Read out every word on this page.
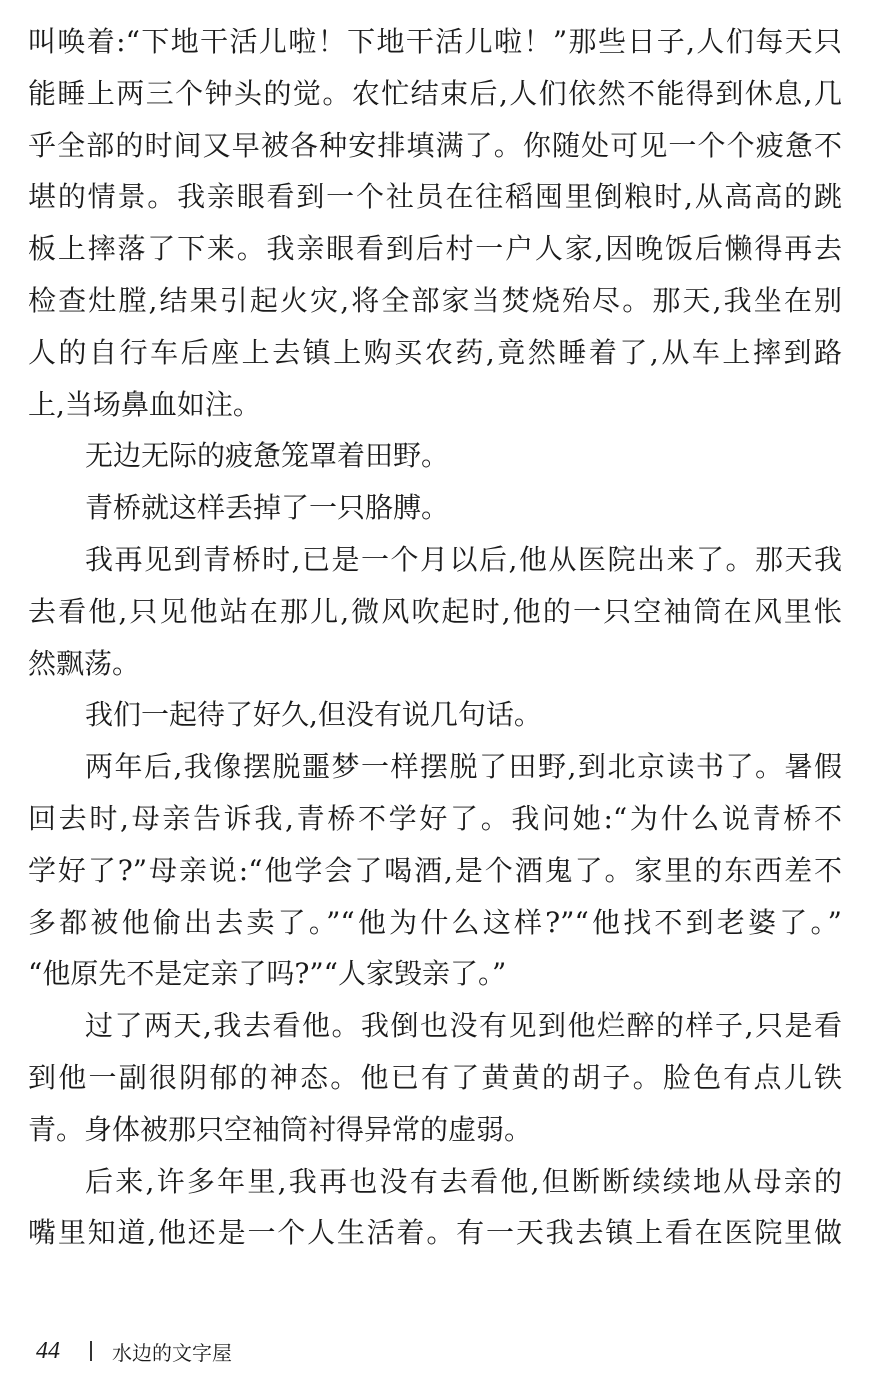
叫唤着:“下地干活儿啦！下地干活儿啦！”那些日子,人们每天只
能睡上两三个钟头的觉。农忙结束后,人们依然不能得到休息,几
乎全部的时间又早被各种安排填满了。你随处可见一个个疲惫不
堪的情景。我亲眼看到一个社员在往稻囤里倒粮时,从高高的跳
板上摔落了下来。我亲眼看到后村一户人家,因晚饭后懒得再去
检查灶膛,结果引起火灾,将全部家当焚烧殆尽。那天,我坐在别
人的自行车后座上去镇上购买农药,竟然睡着了,从车上摔到路
上,当场鼻血如注。
无边无际的疲惫笼罩着田野。
青桥就这样丢掉了一只胳膊。
我再见到青桥时,已是一个月以后,他从医院出来了。那天我
去看他,只见他站在那儿,微风吹起时,他的一只空袖筒在风里怅
然飘荡。
我们一起待了好久,但没有说几句话。
两年后,我像摆脱噩梦一样摆脱了田野,到北京读书了。暑假
回去时,母亲告诉我,青桥不学好了。我问她:“为什么说青桥不
学好了?”母亲说:“他学会了喝酒,是个酒鬼了。家里的东西差不
多都被他偷出去卖了。”“他为什么这样?”“他找不到老婆了。”
“他原先不是定亲了吗?”“人家毁亲了。”
过了两天,我去看他。我倒也没有见到他烂醉的样子,只是看
到他一副很阴郁的神态。他已有了黄黄的胡子。脸色有点儿铁
青。身体被那只空袖筒衬得异常的虚弱。
后来,许多年里,我再也没有去看他,但断断续续地从母亲的
嘴里知道,他还是一个人生活着。有一天我去镇上看在医院里做
44	水边的文字屋
